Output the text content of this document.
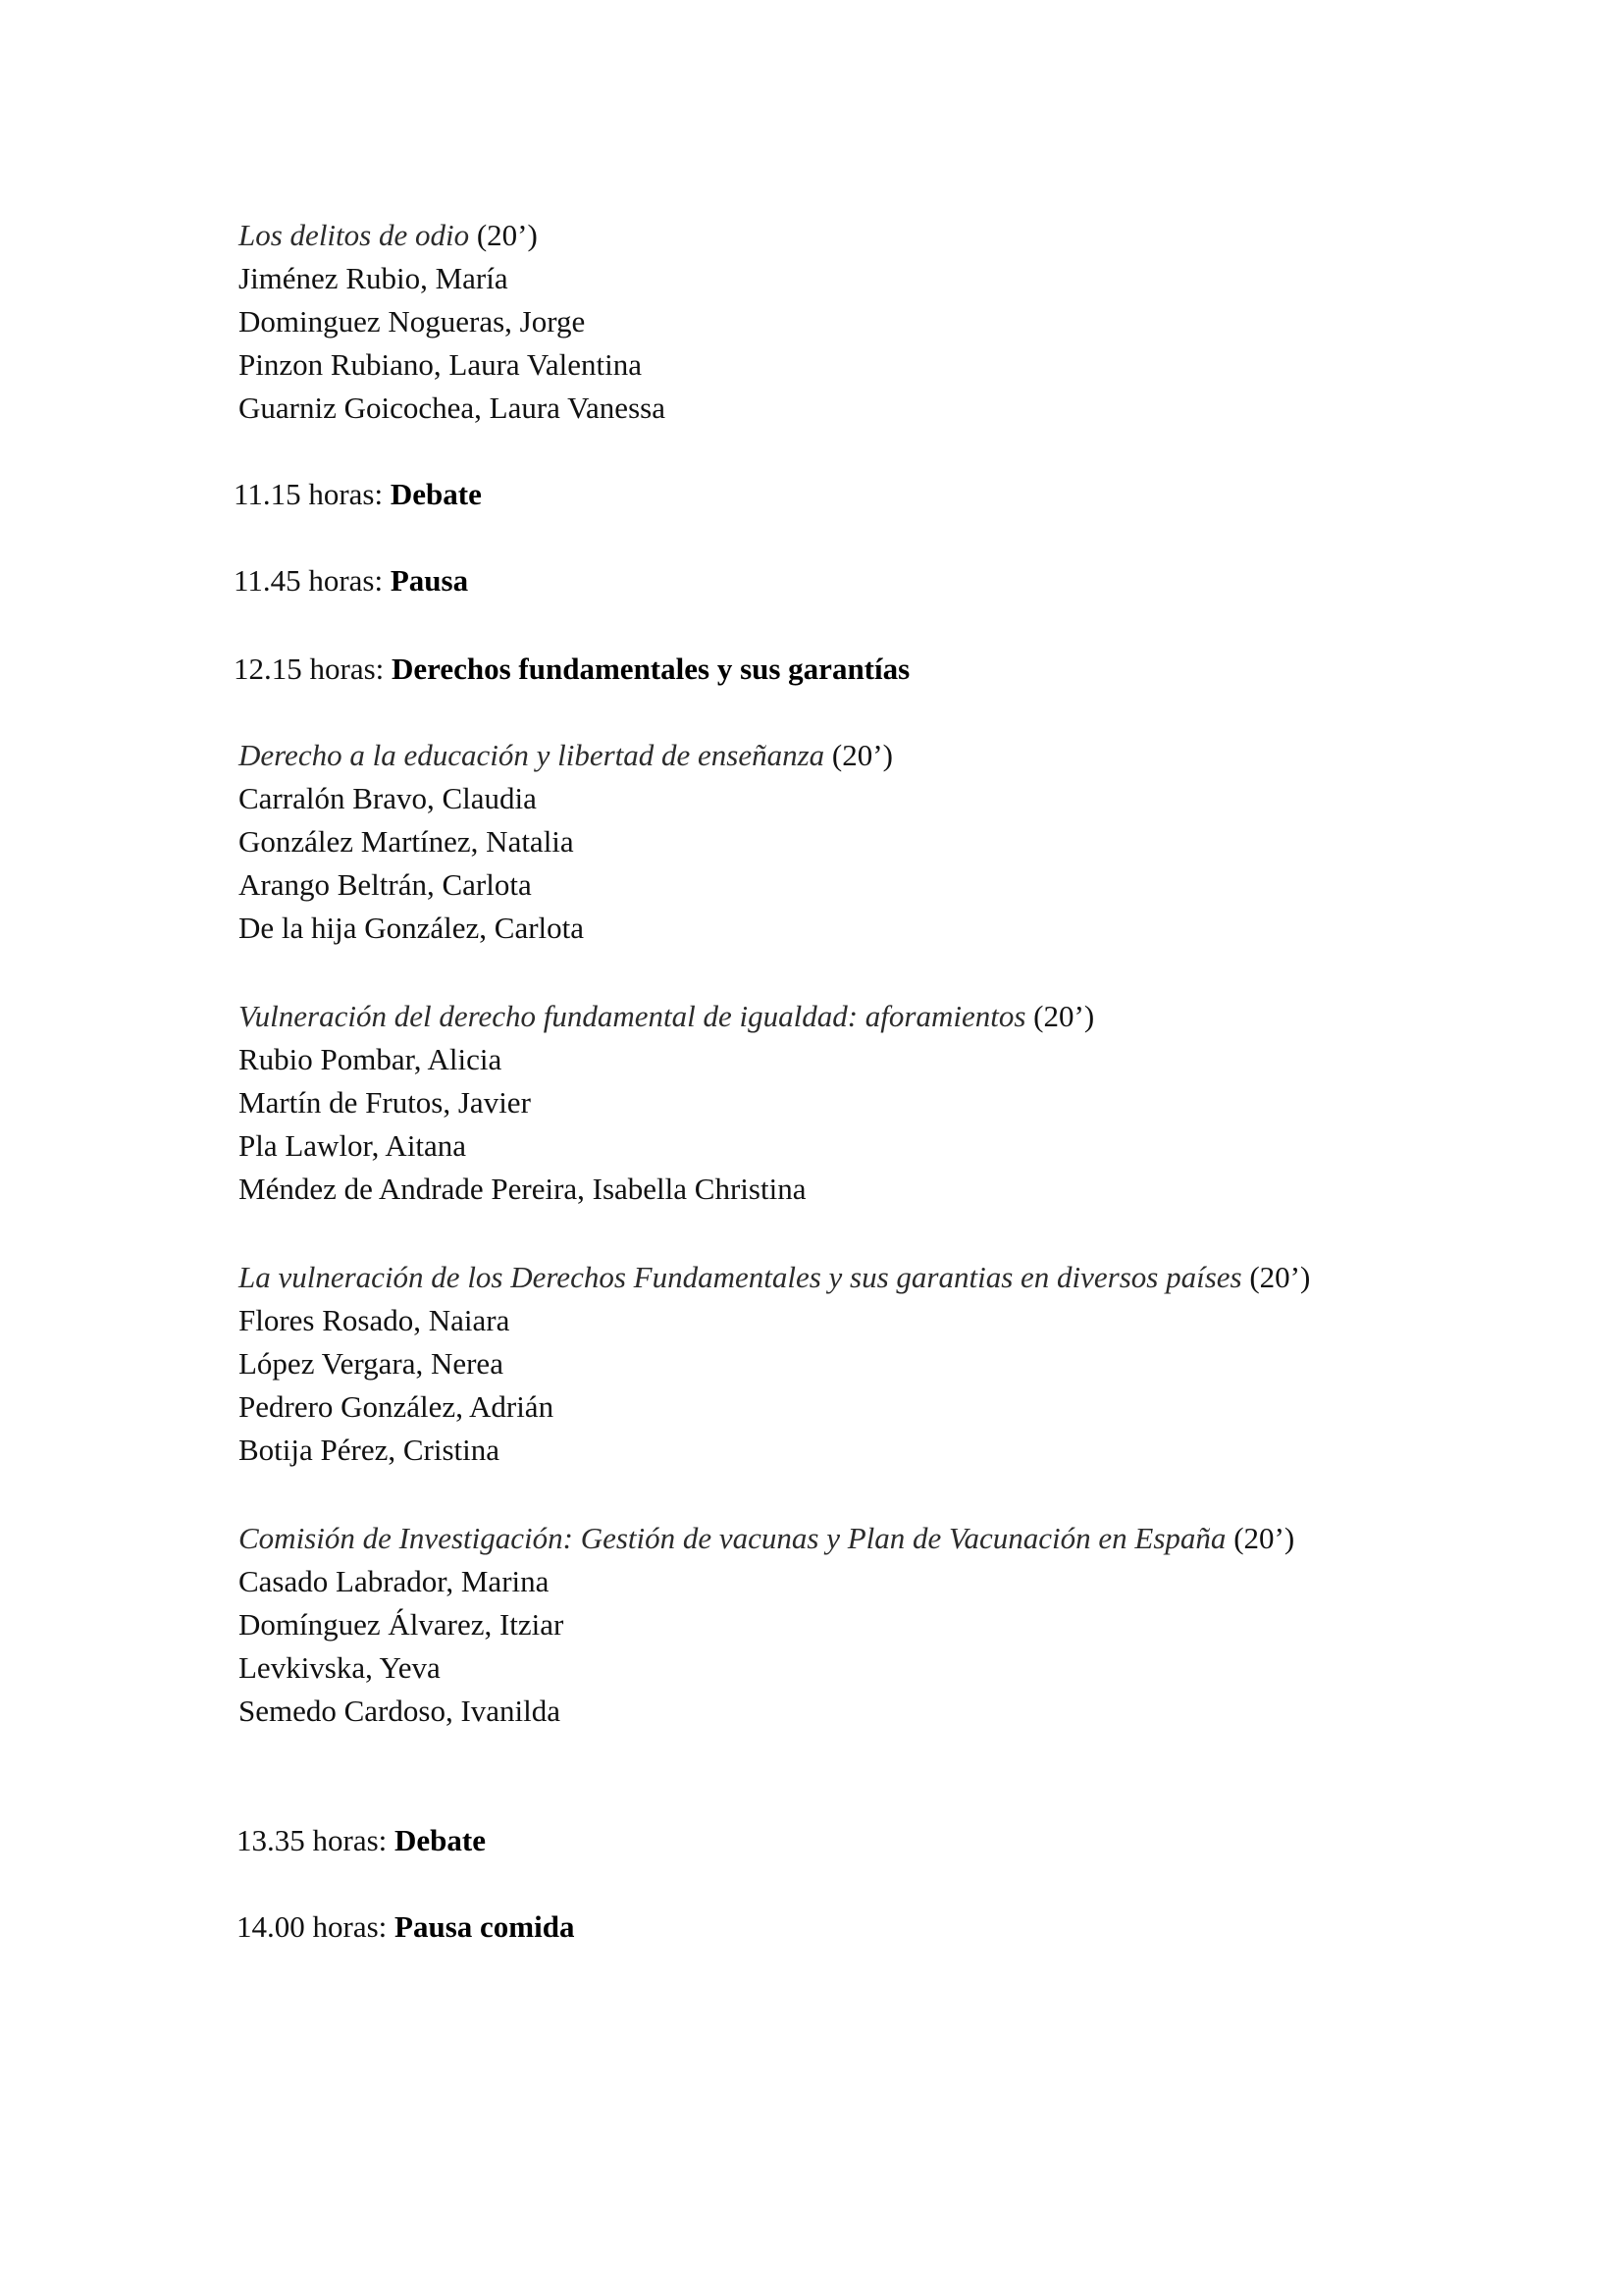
Los delitos de odio (20’)
Jiménez Rubio, María
Dominguez Nogueras, Jorge
Pinzon Rubiano, Laura Valentina
Guarniz Goicochea, Laura Vanessa
11.15 horas: Debate
11.45 horas: Pausa
12.15 horas: Derechos fundamentales y sus garantías
Derecho a la educación y libertad de enseñanza (20’)
Carralón Bravo, Claudia
González Martínez, Natalia
Arango Beltrán, Carlota
De la hija González, Carlota
Vulneración del derecho fundamental de igualdad: aforamientos (20’)
Rubio Pombar, Alicia
Martín de Frutos, Javier
Pla Lawlor, Aitana
Méndez de Andrade Pereira, Isabella Christina
La vulneración de los Derechos Fundamentales y sus garantias en diversos países (20’)
Flores Rosado, Naiara
López Vergara, Nerea
Pedrero González, Adrián
Botija Pérez, Cristina
Comisión de Investigación: Gestión de vacunas y Plan de Vacunación en España (20’)
Casado Labrador, Marina
Domínguez Álvarez, Itziar
Levkivska, Yeva
Semedo Cardoso, Ivanilda
13.35 horas: Debate
14.00 horas: Pausa comida
